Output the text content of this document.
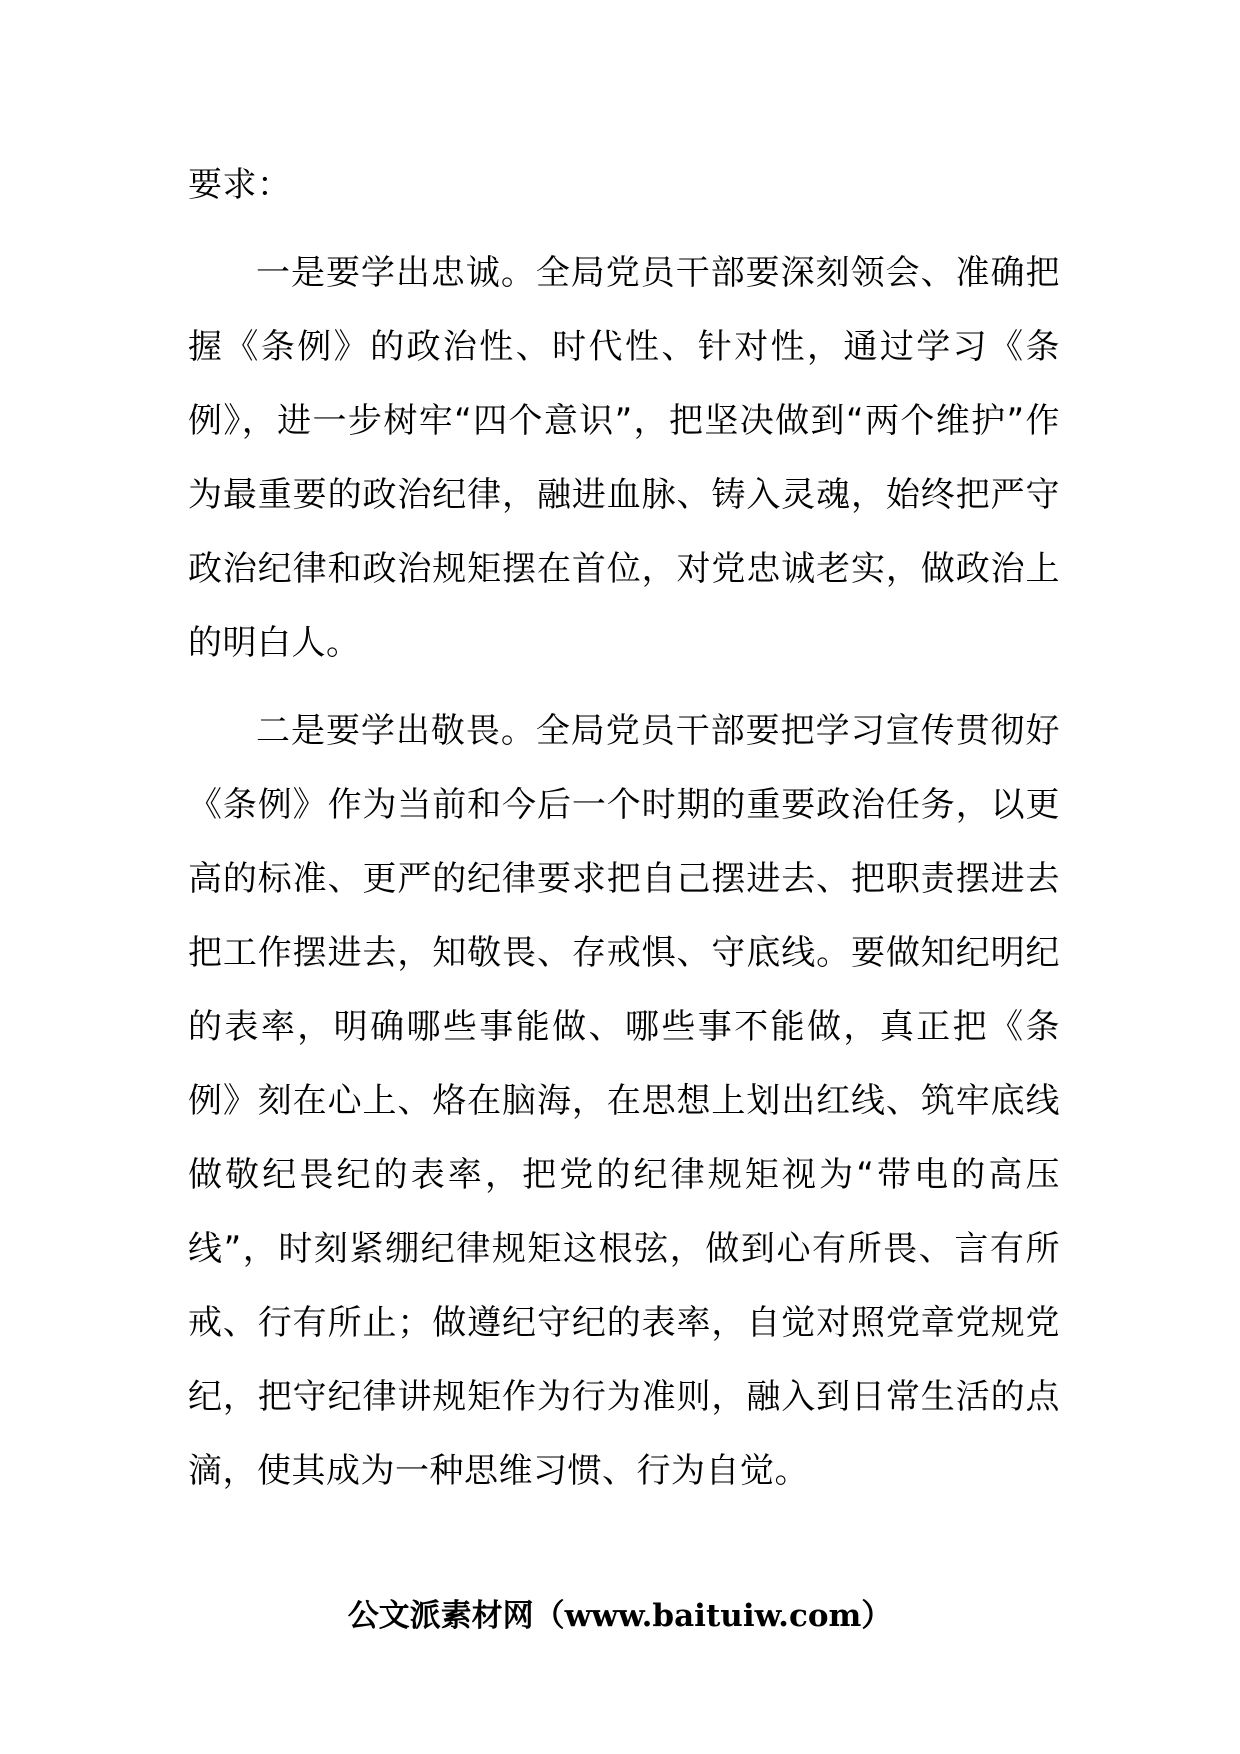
要求：

一是要学出忠诚。全局党员干部要深刻领会、准确把握《条例》的政治性、时代性、针对性，通过学习《条例》，进一步树牢“四个意识”，把坚决做到“两个维护”作为最重要的政治纪律，融进血脉、铸入灵魂，始终把严守政治纪律和政治规矩摆在首位，对党忠诚老实，做政治上的明白人。

二是要学出敬畏。全局党员干部要把学习宣传贯彻好《条例》作为当前和今后一个时期的重要政治任务，以更高的标准、更严的纪律要求把自己摆进去、把职责摆进去把工作摆进去，知敬畏、存戒惧、守底线。要做知纪明纪的表率，明确哪些事能做、哪些事不能做，真正把《条例》刻在心上、烙在脑海，在思想上划出红线、筑牢底线做敬纪畏纪的表率，把党的纪律规矩视为“带电的高压线”，时刻紧绷纪律规矩这根弦，做到心有所畏、言有所戒、行有所止；做遵纪守纪的表率，自觉对照党章党规党纪，把守纪律讲规矩作为行为准则，融入到日常生活的点滴，使其成为一种思维习惯、行为自觉。

公文派素材网（www.baituiw.com）
